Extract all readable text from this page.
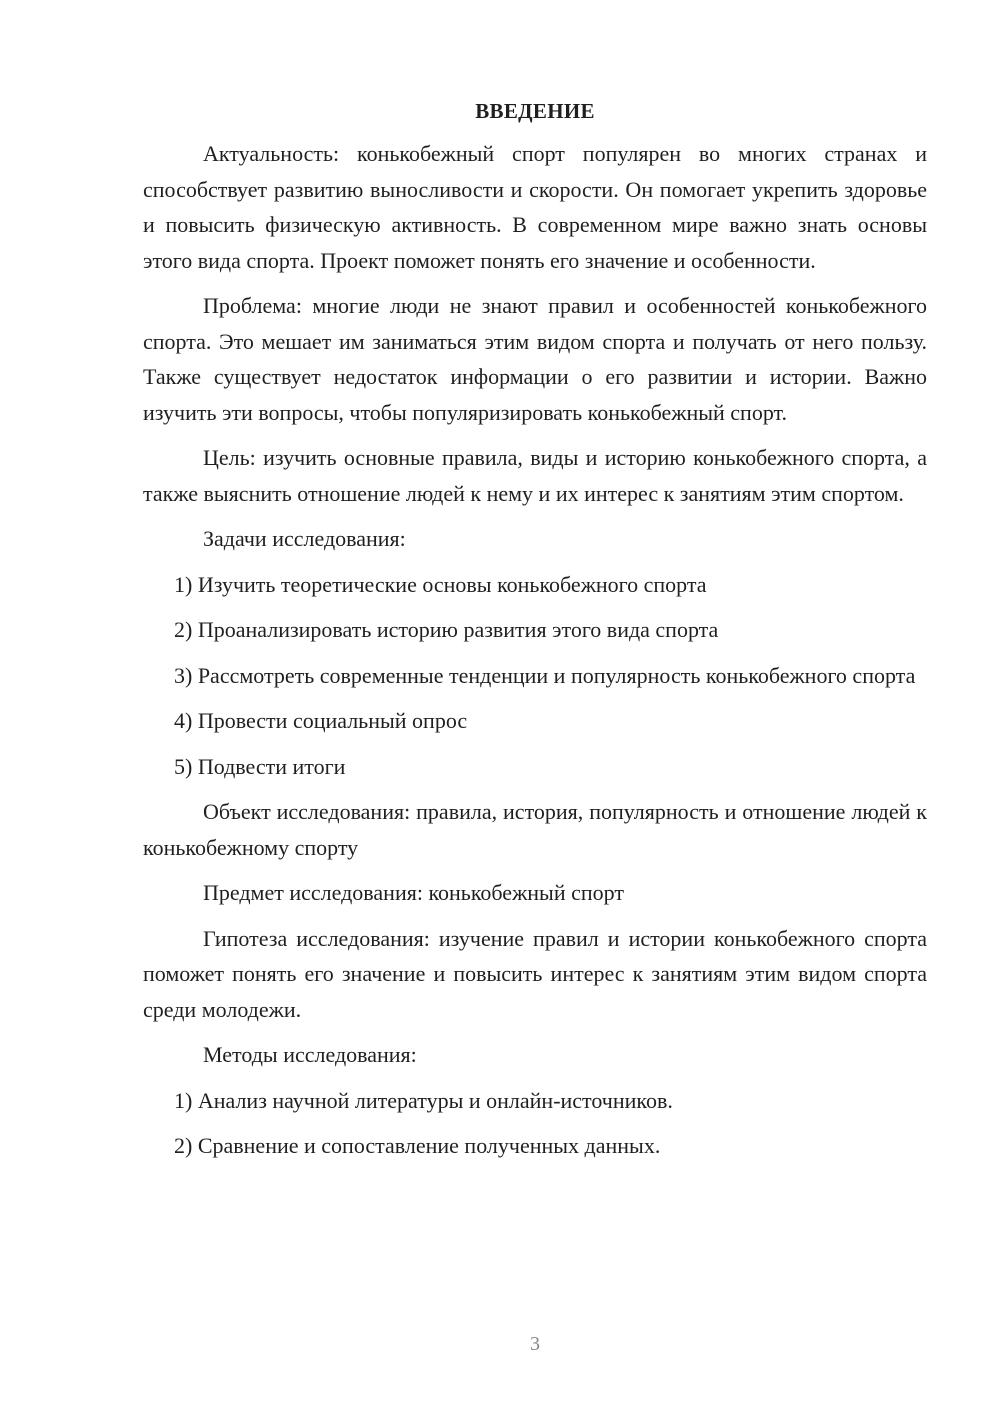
ВВЕДЕНИЕ

Актуальность: конькобежный спорт популярен во многих странах и способствует развитию выносливости и скорости. Он помогает укрепить здоровье и повысить физическую активность. В современном мире важно знать основы этого вида спорта. Проект поможет понять его значение и особенности.

Проблема: многие люди не знают правил и особенностей конькобежного спорта. Это мешает им заниматься этим видом спорта и получать от него пользу. Также существует недостаток информации о его развитии и истории. Важно изучить эти вопросы, чтобы популяризировать конькобежный спорт.

Цель: изучить основные правила, виды и историю конькобежного спорта, а также выяснить отношение людей к нему и их интерес к занятиям этим спортом.

Задачи исследования:

1) Изучить теоретические основы конькобежного спорта

2) Проанализировать историю развития этого вида спорта

3) Рассмотреть современные тенденции и популярность конькобежного спорта

4) Провести социальный опрос

5) Подвести итоги

Объект исследования: правила, история, популярность и отношение людей к конькобежному спорту

Предмет исследования: конькобежный спорт

Гипотеза исследования: изучение правил и истории конькобежного спорта поможет понять его значение и повысить интерес к занятиям этим видом спорта среди молодежи.

Методы исследования:

1) Анализ научной литературы и онлайн-источников.

2) Сравнение и сопоставление полученных данных.

3
